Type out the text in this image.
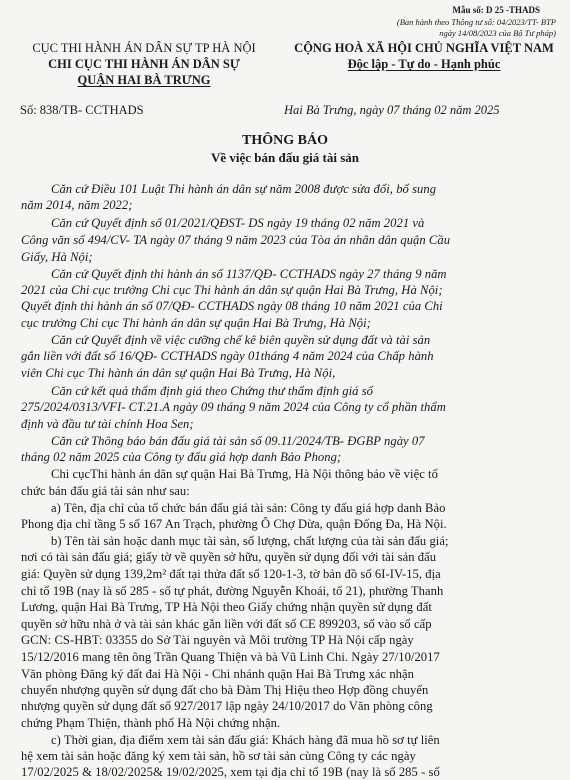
Mẫu số: D 25 -THADS
(Ban hành theo Thông tư số: 04/2023/TT- BTP
ngày 14/08/2023 của Bộ Tư pháp)
CỤC THI HÀNH ÁN DÂN SỰ TP HÀ NỘI
CHI CỤC THI HÀNH ÁN DÂN SỰ
QUẬN HAI BÀ TRƯNG
CỘNG HOÀ XÃ HỘI CHỦ NGHĨA VIỆT NAM
Độc lập - Tự do - Hạnh phúc
Số: 838/TB- CCTHADS	Hai Bà Trưng, ngày 07 tháng 02 năm 2025
THÔNG BÁO
Về việc bán đấu giá tài sản
Căn cứ Điều 101 Luật Thi hành án dân sự năm 2008 được sửa đổi, bổ sung
năm 2014, năm 2022;
Căn cứ Quyết định số 01/2021/QĐST- DS ngày 19 tháng 02 năm 2021 và
Công văn số 494/CV- TA ngày 07 tháng 9 năm 2023 của Tòa án nhân dân quận Cầu
Giấy, Hà Nội;
Căn cứ Quyết định thi hành án số 1137/QĐ- CCTHADS ngày 27 tháng 9 năm
2021 của Chi cục trưởng Chi cục Thi hành án dân sự quận Hai Bà Trưng, Hà Nội;
Quyết định thi hành án số 07/QĐ- CCTHADS ngày 08 tháng 10 năm 2021 của Chi
cục trưởng Chi cục Thi hành án dân sự quận Hai Bà Trưng, Hà Nội;
Căn cứ Quyết định về việc cưỡng chế kê biên quyền sử dụng đất và tài sản
gắn liền với đất số 16/QĐ- CCTHADS ngày 01tháng 4 năm 2024 của Chấp hành
viên Chi cục Thi hành án dân sự quận Hai Bà Trưng, Hà Nội,
Căn cứ kết quả thẩm định giá theo Chứng thư thẩm định giá số
275/2024/0313/VFI- CT.21.A ngày 09 tháng 9 năm 2024 của Công ty cổ phần thẩm
định và đầu tư tài chính Hoa Sen;
Căn cứ Thông báo bán đấu giá tài sản số 09.11/2024/TB- ĐGBP ngày 07
tháng 02 năm 2025 của Công ty đấu giá hợp danh Bảo Phong;
Chi cụcThi hành án dân sự quận Hai Bà Trưng, Hà Nội thông báo về việc tổ
chức bán đấu giá tài sản như sau:
a) Tên, địa chỉ của tổ chức bán đấu giá tài sản: Công ty đấu giá hợp danh Bảo
Phong địa chỉ tầng 5 số 167 An Trạch, phường Ô Chợ Dừa, quận Đống Đa, Hà Nội.
b) Tên tài sản hoặc danh mục tài sản, số lượng, chất lượng của tài sản đấu giá;
nơi có tài sản đấu giá; giấy tờ về quyền sở hữu, quyền sử dụng đối với tài sản đấu
giá: Quyền sử dụng 139,2m² đất tại thửa đất số 120-1-3, tờ bản đồ số 6I-IV-15, địa
chỉ tổ 19B (nay là số 285 - số tự phát, đường Nguyễn Khoái, tổ 21), phường Thanh
Lương, quận Hai Bà Trưng, TP Hà Nội theo Giấy chứng nhận quyền sử dụng đất
quyền sở hữu nhà ở và tài sản khác gắn liền với đất số CE 899203, số vào sổ cấp
GCN: CS-HBT: 03355 do Sở Tài nguyên và Môi trường TP Hà Nội cấp ngày
15/12/2016 mang tên ông Trần Quang Thiện và bà Vũ Linh Chi. Ngày 27/10/2017
Văn phòng Đăng ký đất đai Hà Nội - Chi nhánh quận Hai Bà Trưng xác nhận
chuyển nhượng quyền sử dụng đất cho bà Đàm Thị Hiệu theo Hợp đồng chuyển
nhượng quyền sử dụng đất số 927/2017 lập ngày 24/10/2017 do Văn phòng công
chứng Phạm Thiện, thành phố Hà Nội chứng nhận.
c) Thời gian, địa điểm xem tài sản đấu giá: Khách hàng đã mua hồ sơ tự liên
hệ xem tài sản hoặc đăng ký xem tài sản, hồ sơ tài sản cùng Công ty các ngày
17/02/2025 & 18/02/2025& 19/02/2025, xem tại địa chỉ tổ 19B (nay là số 285 - số
